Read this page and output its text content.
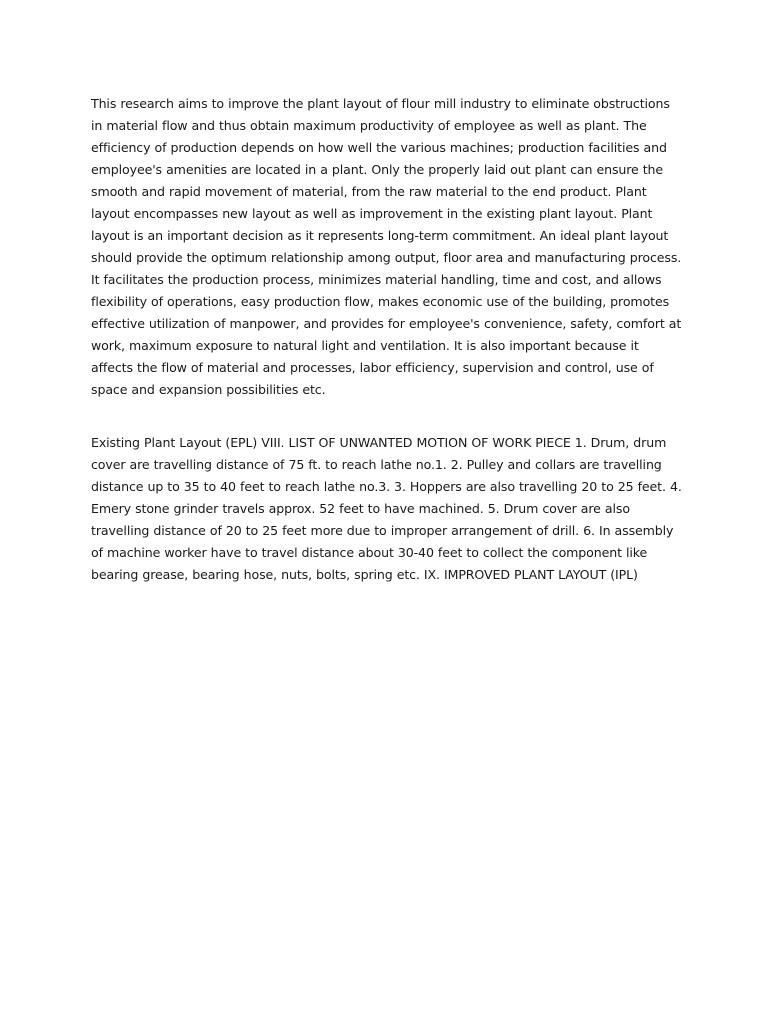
This research aims to improve the plant layout of flour mill industry to eliminate obstructions in material flow and thus obtain maximum productivity of employee as well as plant. The efficiency of production depends on how well the various machines; production facilities and employee's amenities are located in a plant. Only the properly laid out plant can ensure the smooth and rapid movement of material, from the raw material to the end product. Plant layout encompasses new layout as well as improvement in the existing plant layout. Plant layout is an important decision as it represents long-term commitment. An ideal plant layout should provide the optimum relationship among output, floor area and manufacturing process. It facilitates the production process, minimizes material handling, time and cost, and allows flexibility of operations, easy production flow, makes economic use of the building, promotes effective utilization of manpower, and provides for employee's convenience, safety, comfort at work, maximum exposure to natural light and ventilation. It is also important because it affects the flow of material and processes, labor efficiency, supervision and control, use of space and expansion possibilities etc.

Existing Plant Layout (EPL) VIII. LIST OF UNWANTED MOTION OF WORK PIECE 1. Drum, drum cover are travelling distance of 75 ft. to reach lathe no.1. 2. Pulley and collars are travelling distance up to 35 to 40 feet to reach lathe no.3. 3. Hoppers are also travelling 20 to 25 feet. 4. Emery stone grinder travels approx. 52 feet to have machined. 5. Drum cover are also travelling distance of 20 to 25 feet more due to improper arrangement of drill. 6. In assembly of machine worker have to travel distance about 30-40 feet to collect the component like bearing grease, bearing hose, nuts, bolts, spring etc. IX. IMPROVED PLANT LAYOUT (IPL)
